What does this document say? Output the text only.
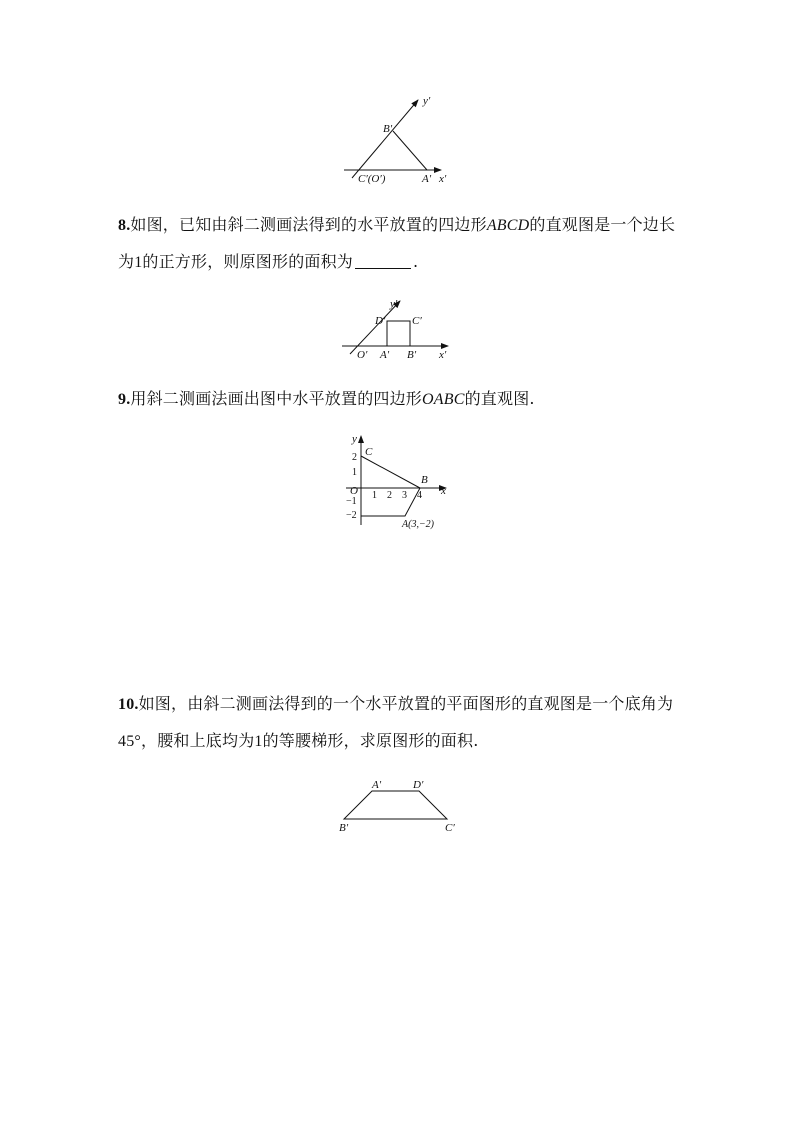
y′
B′
C′(O′)	A′ x′
8.如图，已知由斜二测画法得到的水平放置的四边形ABCD的直观图是一个边长为1的正方形，则原图形的面积为	.
y′
D′ C′
O′ A′ B′ x′
9.用斜二测画法画出图中水平放置的四边形OABC的直观图.
y
C
B
O	x
1 2 3 4
2
1
−1
−2
A(3,−2)
10.如图，由斜二测画法得到的一个水平放置的平面图形的直观图是一个底角为45°，腰和上底均为1的等腰梯形，求原图形的面积.
A′	D′
B′	C′
